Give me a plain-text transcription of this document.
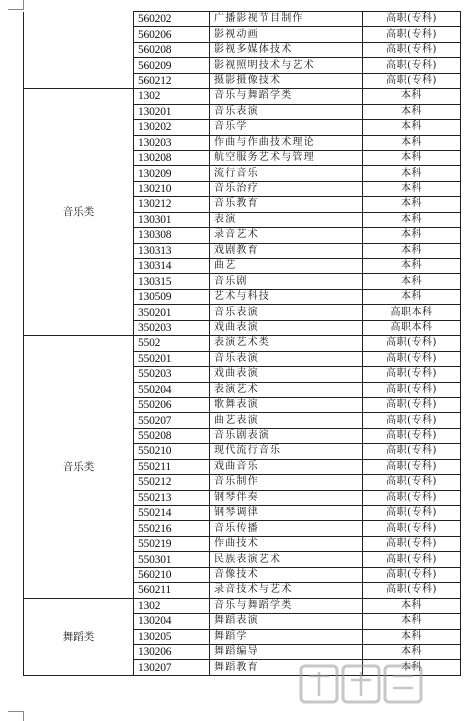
	560202	广播影视节目制作	高职(专科)
	560206	影视动画	高职(专科)
	560208	影视多媒体技术	高职(专科)
	560209	影视照明技术与艺术	高职(专科)
	560212	摄影摄像技术	高职(专科)
音乐类	1302	音乐与舞蹈学类	本科
	130201	音乐表演	本科
	130202	音乐学	本科
	130203	作曲与作曲技术理论	本科
	130208	航空服务艺术与管理	本科
	130209	流行音乐	本科
	130210	音乐治疗	本科
	130212	音乐教育	本科
	130301	表演	本科
	130308	录音艺术	本科
	130313	戏剧教育	本科
	130314	曲艺	本科
	130315	音乐剧	本科
	130509	艺术与科技	本科
	350201	音乐表演	高职本科
	350203	戏曲表演	高职本科
音乐类	5502	表演艺术类	高职(专科)
	550201	音乐表演	高职(专科)
	550203	戏曲表演	高职(专科)
	550204	表演艺术	高职(专科)
	550206	歌舞表演	高职(专科)
	550207	曲艺表演	高职(专科)
	550208	音乐剧表演	高职(专科)
	550210	现代流行音乐	高职(专科)
	550211	戏曲音乐	高职(专科)
	550212	音乐制作	高职(专科)
	550213	钢琴伴奏	高职(专科)
	550214	钢琴调律	高职(专科)
	550216	音乐传播	高职(专科)
	550219	作曲技术	高职(专科)
	550301	民族表演艺术	高职(专科)
	560210	音像技术	高职(专科)
	560211	录音技术与艺术	高职(专科)
舞蹈类	1302	音乐与舞蹈学类	本科
	130204	舞蹈表演	本科
	130205	舞蹈学	本科
	130206	舞蹈编导	本科
	130207	舞蹈教育	本科
